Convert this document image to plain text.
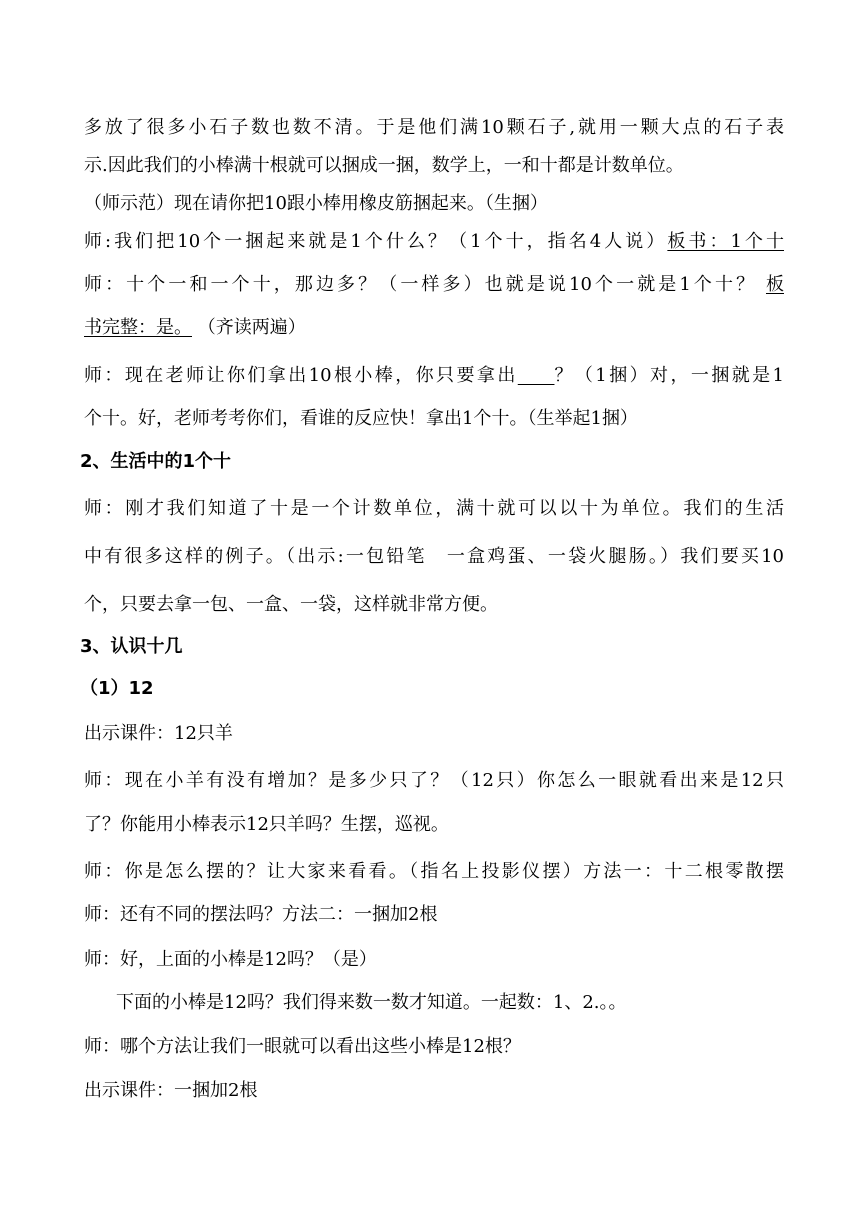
多放了很多小石子数也数不清。于是他们满10颗石子,就用一颗大点的石子表
示.因此我们的小棒满十根就可以捆成一捆，数学上，一和十都是计数单位。
（师示范）现在请你把10跟小棒用橡皮筋捆起来。（生捆）
师:我们把10个一捆起来就是1个什么？（1个十，指名4人说）板书：1个十
师：十个一和一个十，那边多？（一样多）也就是说10个一就是1个十？ 板
书完整：是。 （齐读两遍）
师：现在老师让你们拿出10根小棒，你只要拿出　 ？（1捆）对，一捆就是1
个十。好，老师考考你们，看谁的反应快！拿出1个十。（生举起1捆）
2、生活中的1个十
师：刚才我们知道了十是一个计数单位，满十就可以以十为单位。我们的生活
中有很多这样的例子。（出示:一包铅笔　一盒鸡蛋、一袋火腿肠。）我们要买10
个，只要去拿一包、一盒、一袋，这样就非常方便。
3、认识十几
（1）12
出示课件：12只羊
师：现在小羊有没有增加？是多少只了？（12只）你怎么一眼就看出来是12只
了？你能用小棒表示12只羊吗？生摆，巡视。
师：你是怎么摆的？让大家来看看。（指名上投影仪摆）方法一：十二根零散摆
师：还有不同的摆法吗？方法二：一捆加2根
师：好，上面的小棒是12吗？（是）
下面的小棒是12吗？我们得来数一数才知道。一起数：1、2.。。
师：哪个方法让我们一眼就可以看出这些小棒是12根？
出示课件：一捆加2根
